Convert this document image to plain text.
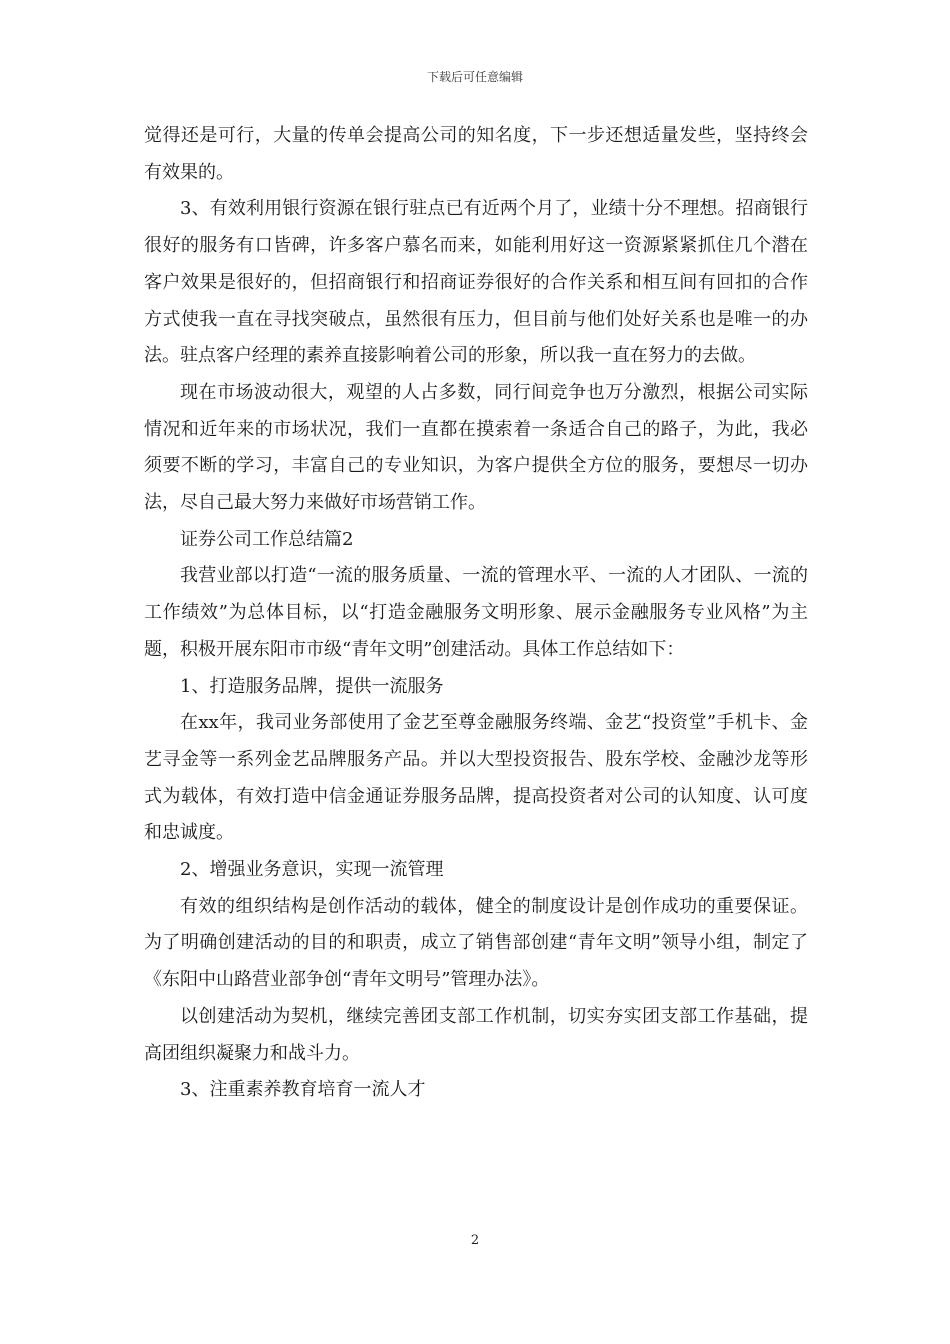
下载后可任意编辑

觉得还是可行，大量的传单会提高公司的知名度，下一步还想适量发些，坚持终会有效果的。

3、有效利用银行资源在银行驻点已有近两个月了，业绩十分不理想。招商银行很好的服务有口皆碑，许多客户慕名而来，如能利用好这一资源紧紧抓住几个潜在客户效果是很好的，但招商银行和招商证券很好的合作关系和相互间有回扣的合作方式使我一直在寻找突破点，虽然很有压力，但目前与他们处好关系也是唯一的办法。驻点客户经理的素养直接影响着公司的形象，所以我一直在努力的去做。

现在市场波动很大，观望的人占多数，同行间竞争也万分激烈，根据公司实际情况和近年来的市场状况，我们一直都在摸索着一条适合自己的路子，为此，我必须要不断的学习，丰富自己的专业知识，为客户提供全方位的服务，要想尽一切办法，尽自己最大努力来做好市场营销工作。

证券公司工作总结篇2

我营业部以打造“一流的服务质量、一流的管理水平、一流的人才团队、一流的工作绩效”为总体目标，以“打造金融服务文明形象、展示金融服务专业风格”为主题，积极开展东阳市市级“青年文明”创建活动。具体工作总结如下：

1、打造服务品牌，提供一流服务

在xx年，我司业务部使用了金艺至尊金融服务终端、金艺“投资堂”手机卡、金艺寻金等一系列金艺品牌服务产品。并以大型投资报告、股东学校、金融沙龙等形式为载体，有效打造中信金通证券服务品牌，提高投资者对公司的认知度、认可度和忠诚度。

2、增强业务意识，实现一流管理

有效的组织结构是创作活动的载体，健全的制度设计是创作成功的重要保证。为了明确创建活动的目的和职责，成立了销售部创建“青年文明”领导小组，制定了《东阳中山路营业部争创“青年文明号”管理办法》。

以创建活动为契机，继续完善团支部工作机制，切实夯实团支部工作基础，提高团组织凝聚力和战斗力。

3、注重素养教育培育一流人才

2
